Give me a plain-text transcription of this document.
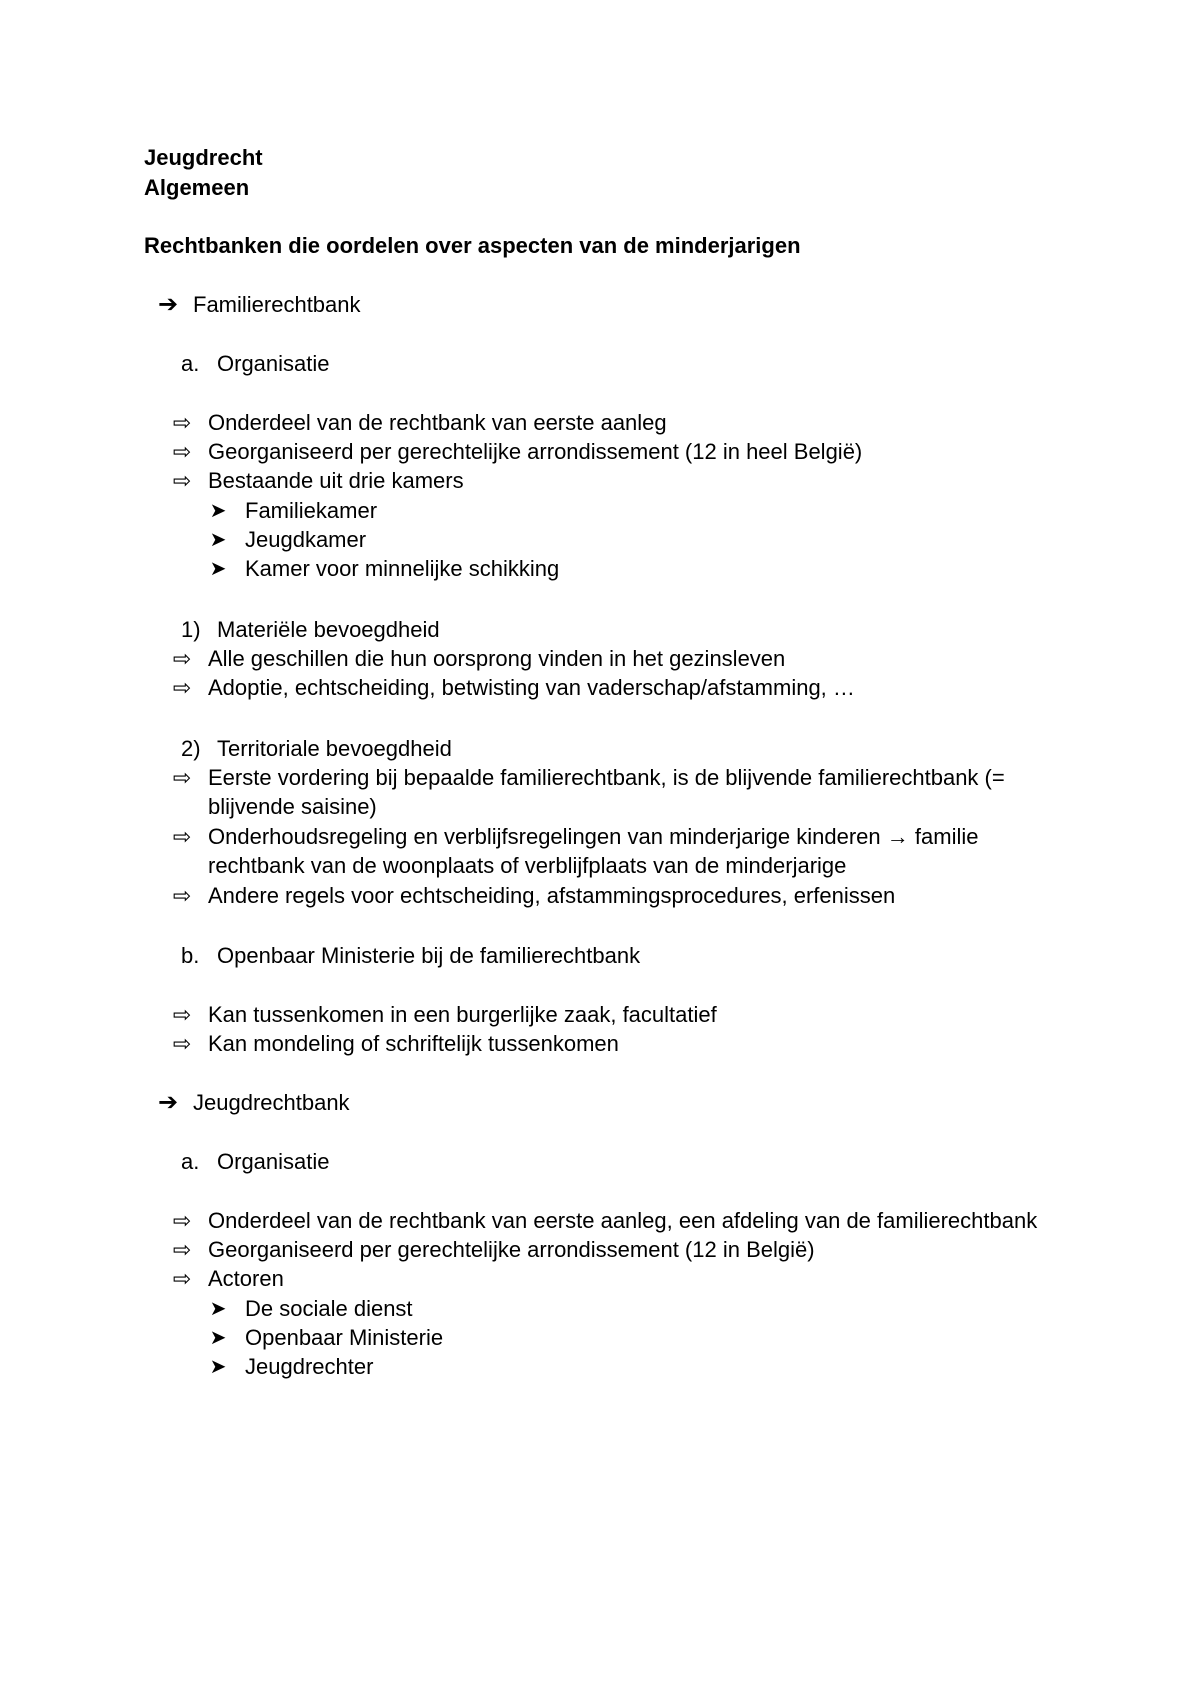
Jeugdrecht
Algemeen
Rechtbanken die oordelen over aspecten van de minderjarigen
➔ Familierechtbank
a. Organisatie
⇨ Onderdeel van de rechtbank van eerste aanleg
⇨ Georganiseerd per gerechtelijke arrondissement (12 in heel België)
⇨ Bestaande uit drie kamers
➤ Familiekamer
➤ Jeugdkamer
➤ Kamer voor minnelijke schikking
1) Materiële bevoegdheid
⇨ Alle geschillen die hun oorsprong vinden in het gezinsleven
⇨ Adoptie, echtscheiding, betwisting van vaderschap/afstamming, …
2) Territoriale bevoegdheid
⇨ Eerste vordering bij bepaalde familierechtbank, is de blijvende familierechtbank (=
blijvende saisine)
⇨ Onderhoudsregeling en verblijfsregelingen van minderjarige kinderen → familie
rechtbank van de woonplaats of verblijfplaats van de minderjarige
⇨ Andere regels voor echtscheiding, afstammingsprocedures, erfenissen
b. Openbaar Ministerie bij de familierechtbank
⇨ Kan tussenkomen in een burgerlijke zaak, facultatief
⇨ Kan mondeling of schriftelijk tussenkomen
➔ Jeugdrechtbank
a. Organisatie
⇨ Onderdeel van de rechtbank van eerste aanleg, een afdeling van de familierechtbank
⇨ Georganiseerd per gerechtelijke arrondissement (12 in België)
⇨ Actoren
➤ De sociale dienst
➤ Openbaar Ministerie
➤ Jeugdrechter
